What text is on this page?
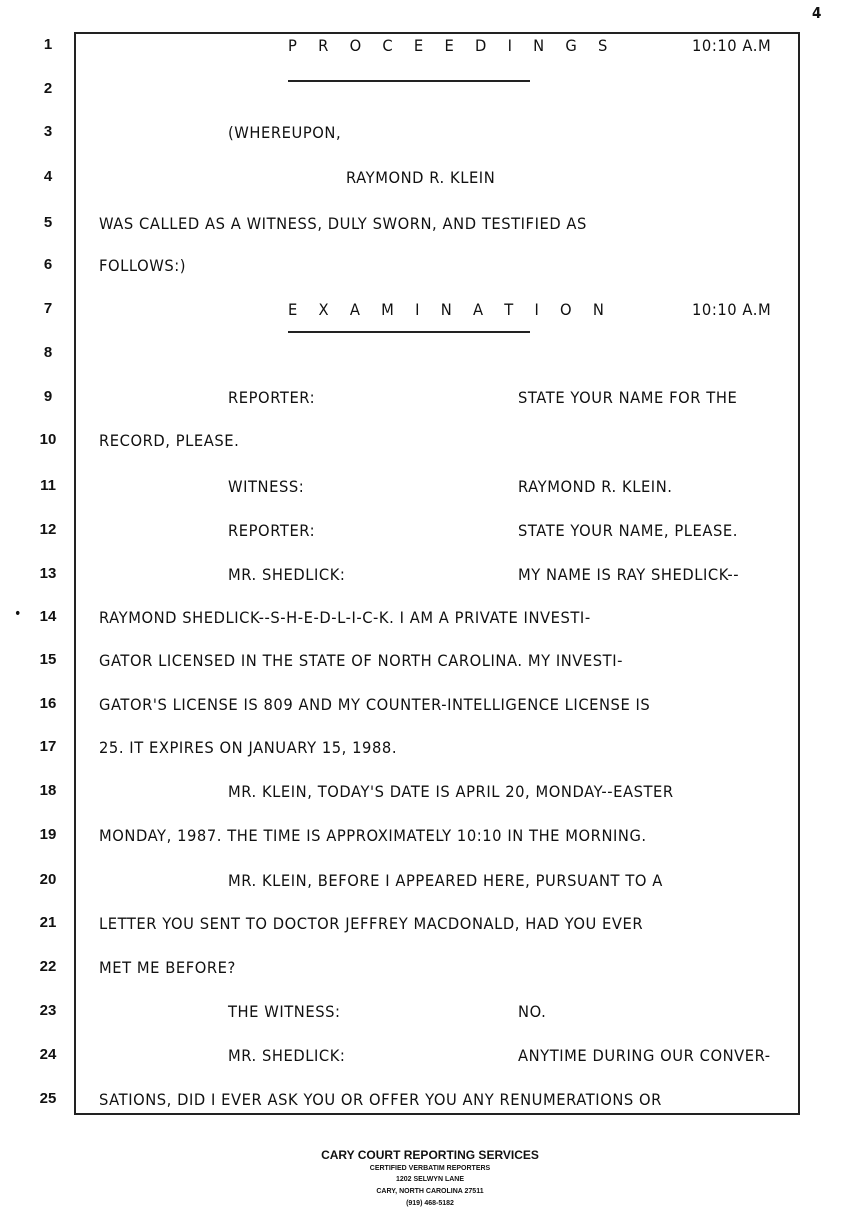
4
1	P R O C E E D I N G S	10:10 A.M
2
3	(WHEREUPON,
4	RAYMOND R. KLEIN
5	WAS CALLED AS A WITNESS, DULY SWORN, AND TESTIFIED AS
6	FOLLOWS:)
7	E X A M I N A T I O N	10:10 A.M
8
9	REPORTER:	STATE YOUR NAME FOR THE
10	RECORD, PLEASE.
11	WITNESS:	RAYMOND R. KLEIN.
12	REPORTER:	STATE YOUR NAME, PLEASE.
13	MR. SHEDLICK:	MY NAME IS RAY SHEDLICK--
14	RAYMOND SHEDLICK--S-H-E-D-L-I-C-K. I AM A PRIVATE INVESTI-
15	GATOR LICENSED IN THE STATE OF NORTH CAROLINA. MY INVESTI-
16	GATOR'S LICENSE IS 809 AND MY COUNTER-INTELLIGENCE LICENSE IS
17	25. IT EXPIRES ON JANUARY 15, 1988.
18	MR. KLEIN, TODAY'S DATE IS APRIL 20, MONDAY--EASTER
19	MONDAY, 1987. THE TIME IS APPROXIMATELY 10:10 IN THE MORNING.
20	MR. KLEIN, BEFORE I APPEARED HERE, PURSUANT TO A
21	LETTER YOU SENT TO DOCTOR JEFFREY MACDONALD, HAD YOU EVER
22	MET ME BEFORE?
23	THE WITNESS:	NO.
24	MR. SHEDLICK:	ANYTIME DURING OUR CONVER-
25	SATIONS, DID I EVER ASK YOU OR OFFER YOU ANY RENUMERATIONS OR
•
CARY COURT REPORTING SERVICES
CERTIFIED VERBATIM REPORTERS
1202 SELWYN LANE
CARY, NORTH CAROLINA 27511
(919) 468-5182
